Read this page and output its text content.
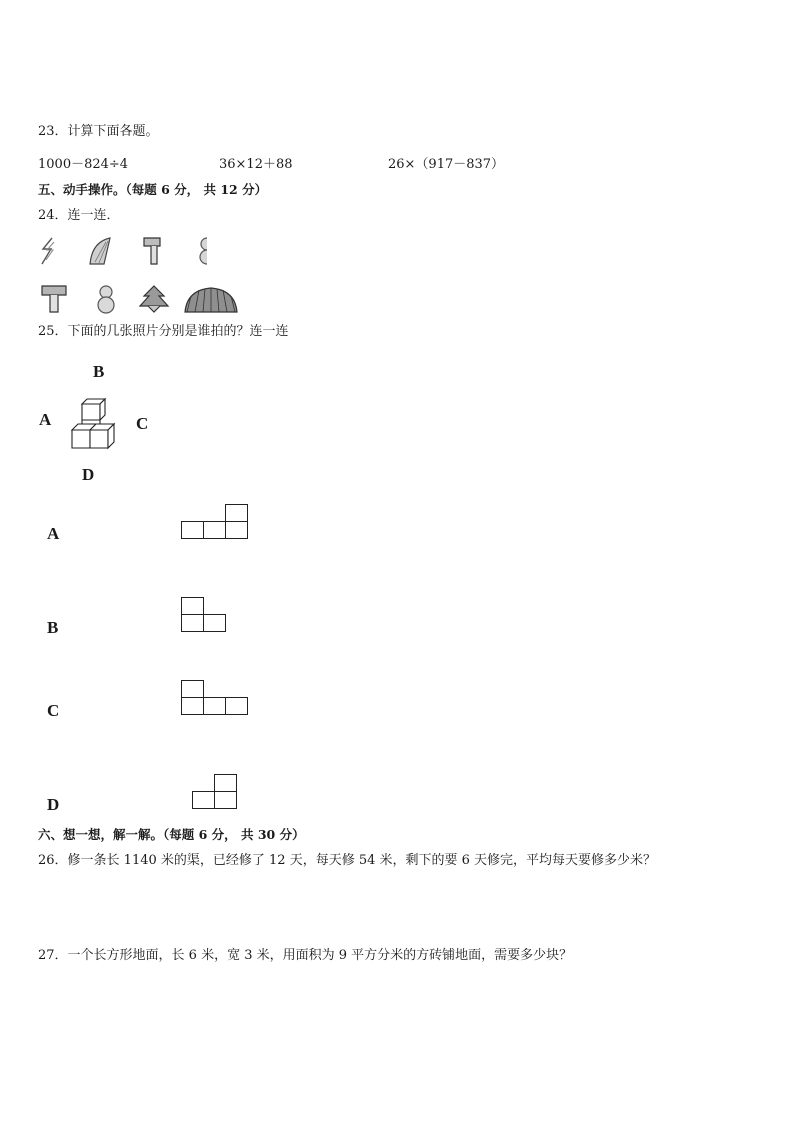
23．计算下面各题。
1000－824÷4	36×12＋88	26×（917－837）
五、动手操作。（每题 6 分， 共 12 分）
24．连一连．
25．下面的几张照片分别是谁拍的？连一连
B
A	C
D
A
B
C
D
六、想一想，解一解。（每题 6 分， 共 30 分）
26．修一条长 1140 米的渠，已经修了 12 天，每天修 54 米，剩下的要 6 天修完，平均每天要修多少米？
27．一个长方形地面，长 6 米，宽 3 米，用面积为 9 平方分米的方砖铺地面，需要多少块？
